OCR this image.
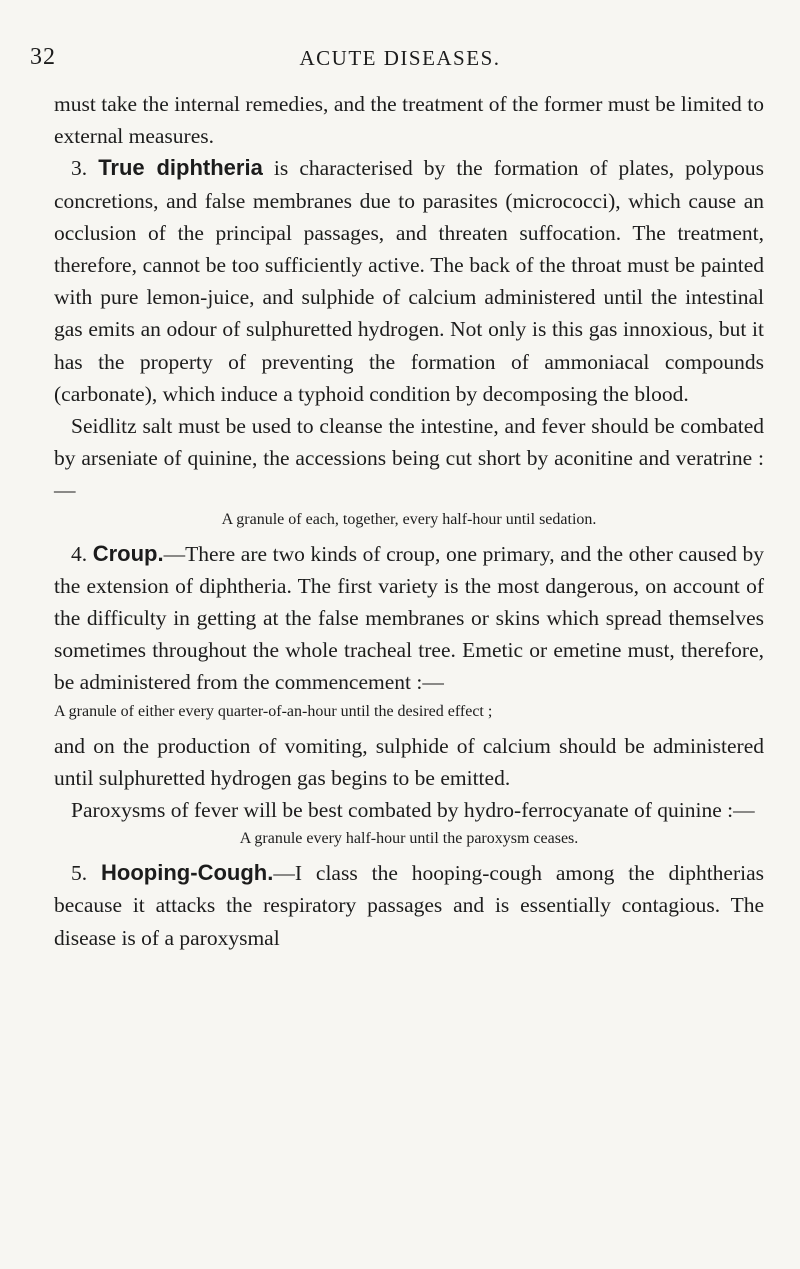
32	ACUTE DISEASES.

must take the internal remedies, and the treatment of the former must be limited to external measures.

3. True diphtheria is characterised by the formation of plates, polypous concretions, and false membranes due to parasites (micrococci), which cause an occlusion of the principal passages, and threaten suffocation. The treatment, therefore, cannot be too sufficiently active. The back of the throat must be painted with pure lemon-juice, and sulphide of calcium administered until the intestinal gas emits an odour of sulphuretted hydrogen. Not only is this gas innoxious, but it has the property of preventing the formation of ammoniacal compounds (carbonate), which induce a typhoid condition by decomposing the blood.

Seidlitz salt must be used to cleanse the intestine, and fever should be combated by arseniate of quinine, the accessions being cut short by aconitine and veratrine :—

A granule of each, together, every half-hour until sedation.

4. Croup.—There are two kinds of croup, one primary, and the other caused by the extension of diphtheria. The first variety is the most dangerous, on account of the difficulty in getting at the false membranes or skins which spread themselves sometimes throughout the whole tracheal tree. Emetic or emetine must, therefore, be administered from the commencement :—

A granule of either every quarter-of-an-hour until the desired effect ;

and on the production of vomiting, sulphide of calcium should be administered until sulphuretted hydrogen gas begins to be emitted.

Paroxysms of fever will be best combated by hydro-ferrocyanate of quinine :—

A granule every half-hour until the paroxysm ceases.

5. Hooping-Cough.—I class the hooping-cough among the diphtherias because it attacks the respiratory passages and is essentially contagious. The disease is of a paroxysmal
